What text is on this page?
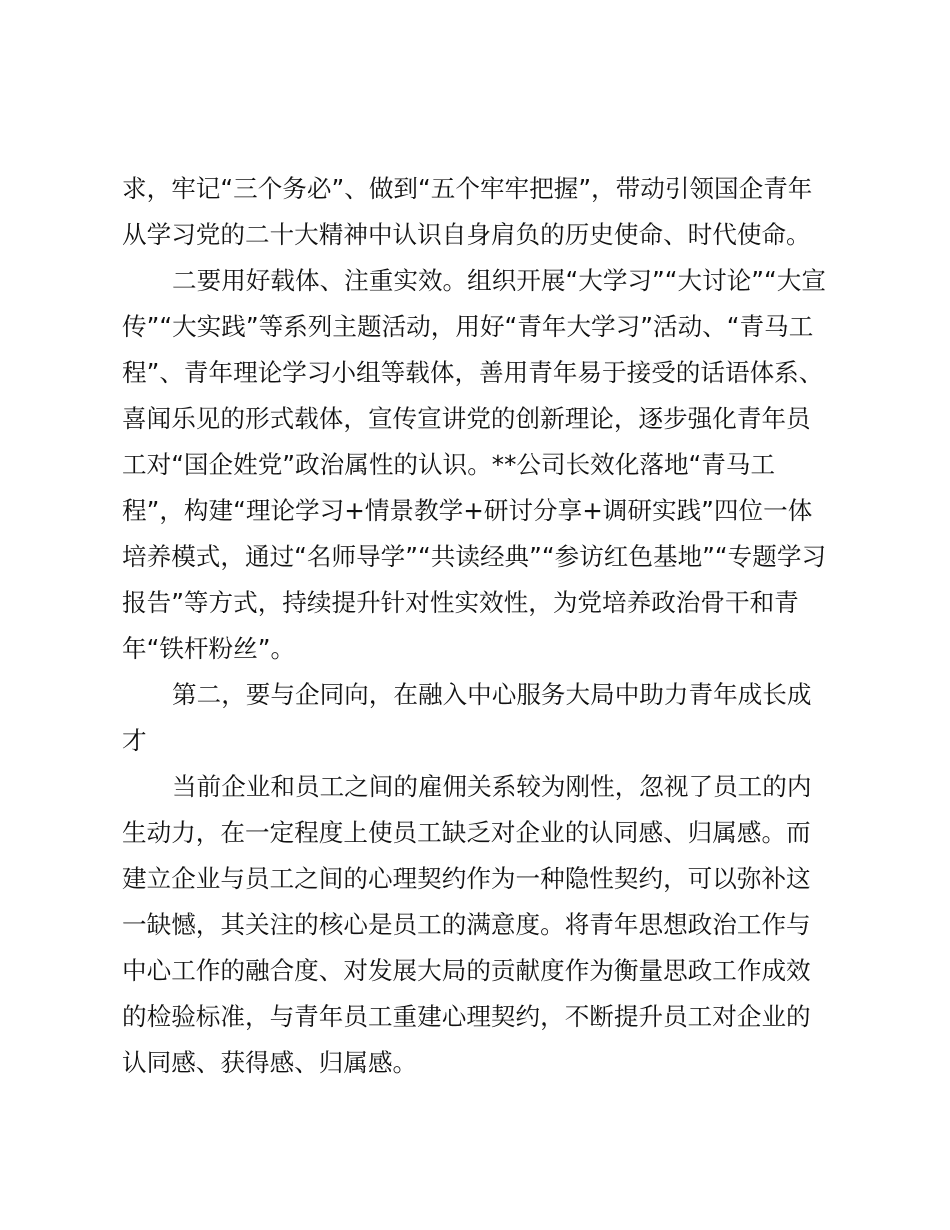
求，牢记“三个务必”、做到“五个牢牢把握”，带动引领国企青年
从学习党的二十大精神中认识自身肩负的历史使命、时代使命。
二要用好载体、注重实效。组织开展“大学习”“大讨论”“大宣
传”“大实践”等系列主题活动，用好“青年大学习”活动、“青马工
程”、青年理论学习小组等载体，善用青年易于接受的话语体系、
喜闻乐见的形式载体，宣传宣讲党的创新理论，逐步强化青年员
工对“国企姓党”政治属性的认识。**公司长效化落地“青马工
程”，构建“理论学习+情景教学+研讨分享+调研实践”四位一体
培养模式，通过“名师导学”“共读经典”“参访红色基地”“专题学习
报告”等方式，持续提升针对性实效性，为党培养政治骨干和青
年“铁杆粉丝”。
第二，要与企同向，在融入中心服务大局中助力青年成长成
才
当前企业和员工之间的雇佣关系较为刚性，忽视了员工的内
生动力，在一定程度上使员工缺乏对企业的认同感、归属感。而
建立企业与员工之间的心理契约作为一种隐性契约，可以弥补这
一缺憾，其关注的核心是员工的满意度。将青年思想政治工作与
中心工作的融合度、对发展大局的贡献度作为衡量思政工作成效
的检验标准，与青年员工重建心理契约，不断提升员工对企业的
认同感、获得感、归属感。
